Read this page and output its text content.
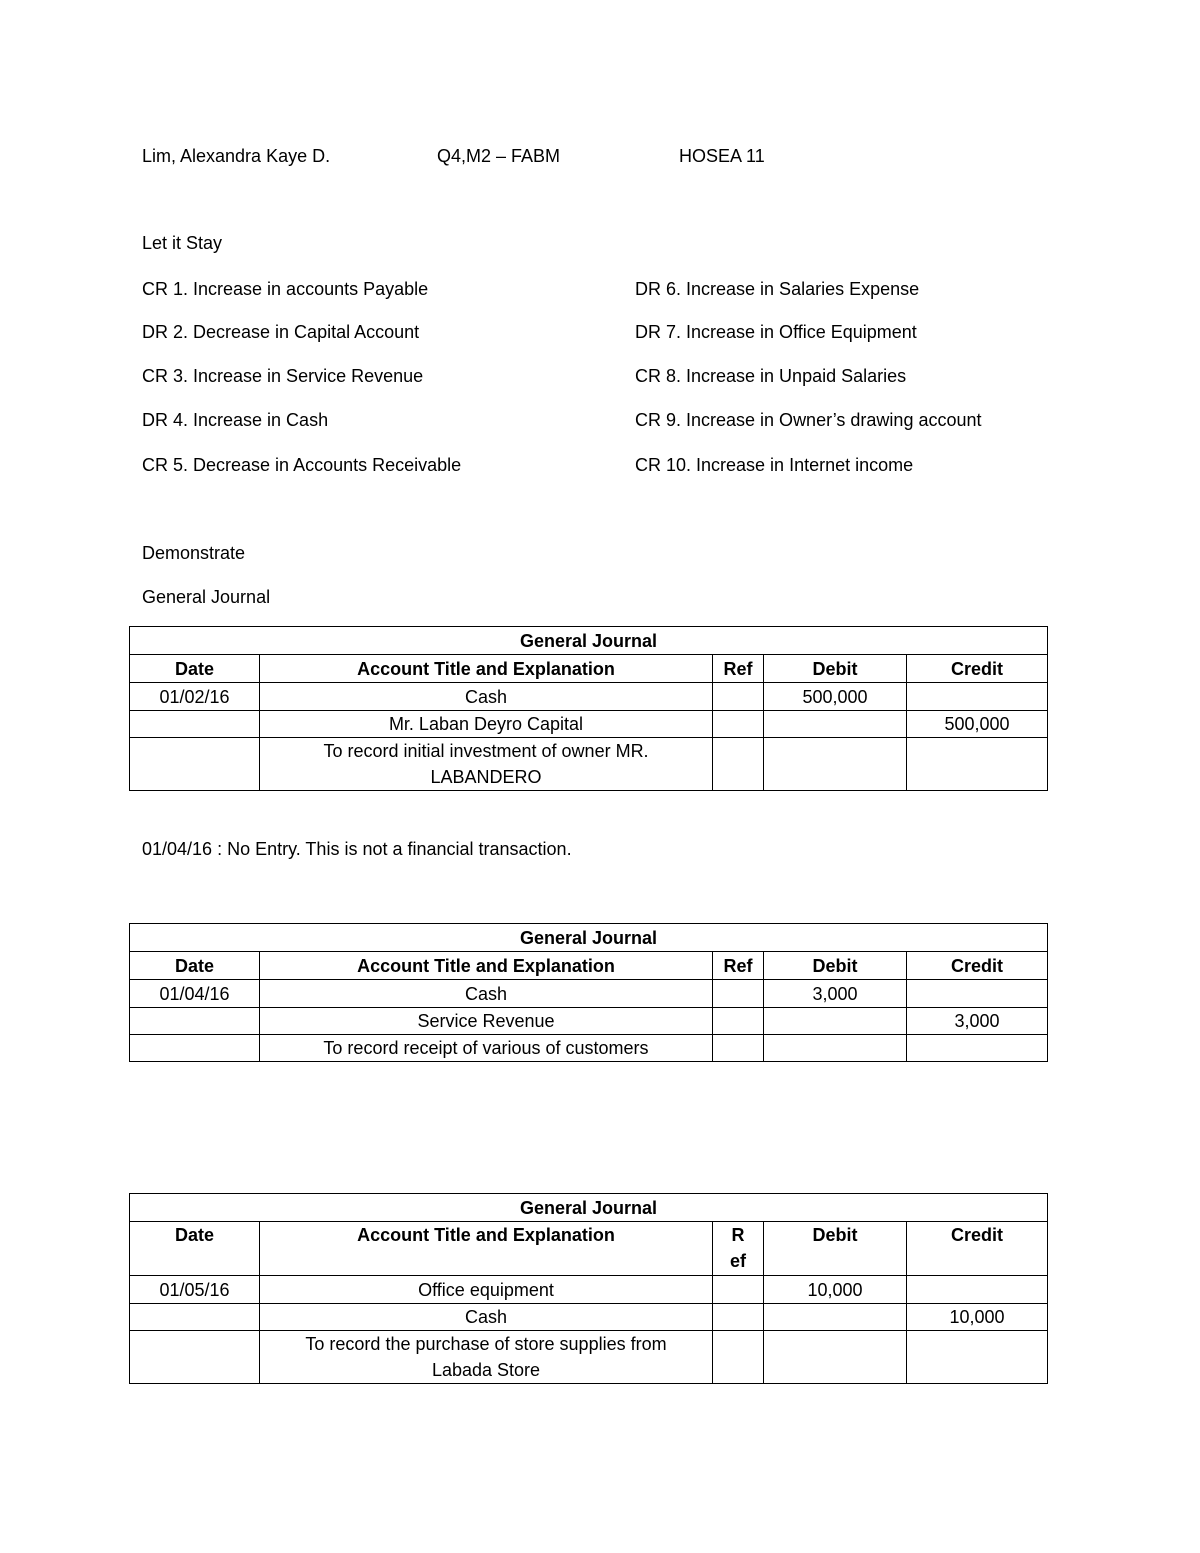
Lim, Alexandra Kaye D.	Q4,M2 – FABM	HOSEA 11
Let it Stay
CR 1. Increase in accounts Payable
DR 2. Decrease in Capital Account
CR 3. Increase in Service Revenue
DR 4. Increase in Cash
CR 5. Decrease in Accounts Receivable
DR 6. Increase in Salaries Expense
DR 7. Increase in Office Equipment
CR 8. Increase in Unpaid Salaries
CR 9. Increase in Owner’s drawing account
CR 10. Increase in Internet income
Demonstrate
General Journal
General Journal				
Date	Account Title and Explanation	Ref	Debit	Credit
01/02/16	Cash		500,000	
	Mr. Laban Deyro Capital			500,000
	To record initial investment of owner MR. LABANDERO			
01/04/16 : No Entry. This is not a financial transaction.
General Journal				
Date	Account Title and Explanation	Ref	Debit	Credit
01/04/16	Cash		3,000	
	Service Revenue			3,000
	To record receipt of various of customers			
General Journal				
Date	Account Title and Explanation	Ref	Debit	Credit
01/05/16	Office equipment		10,000	
	Cash			10,000
	To record the purchase of store supplies from Labada Store			
